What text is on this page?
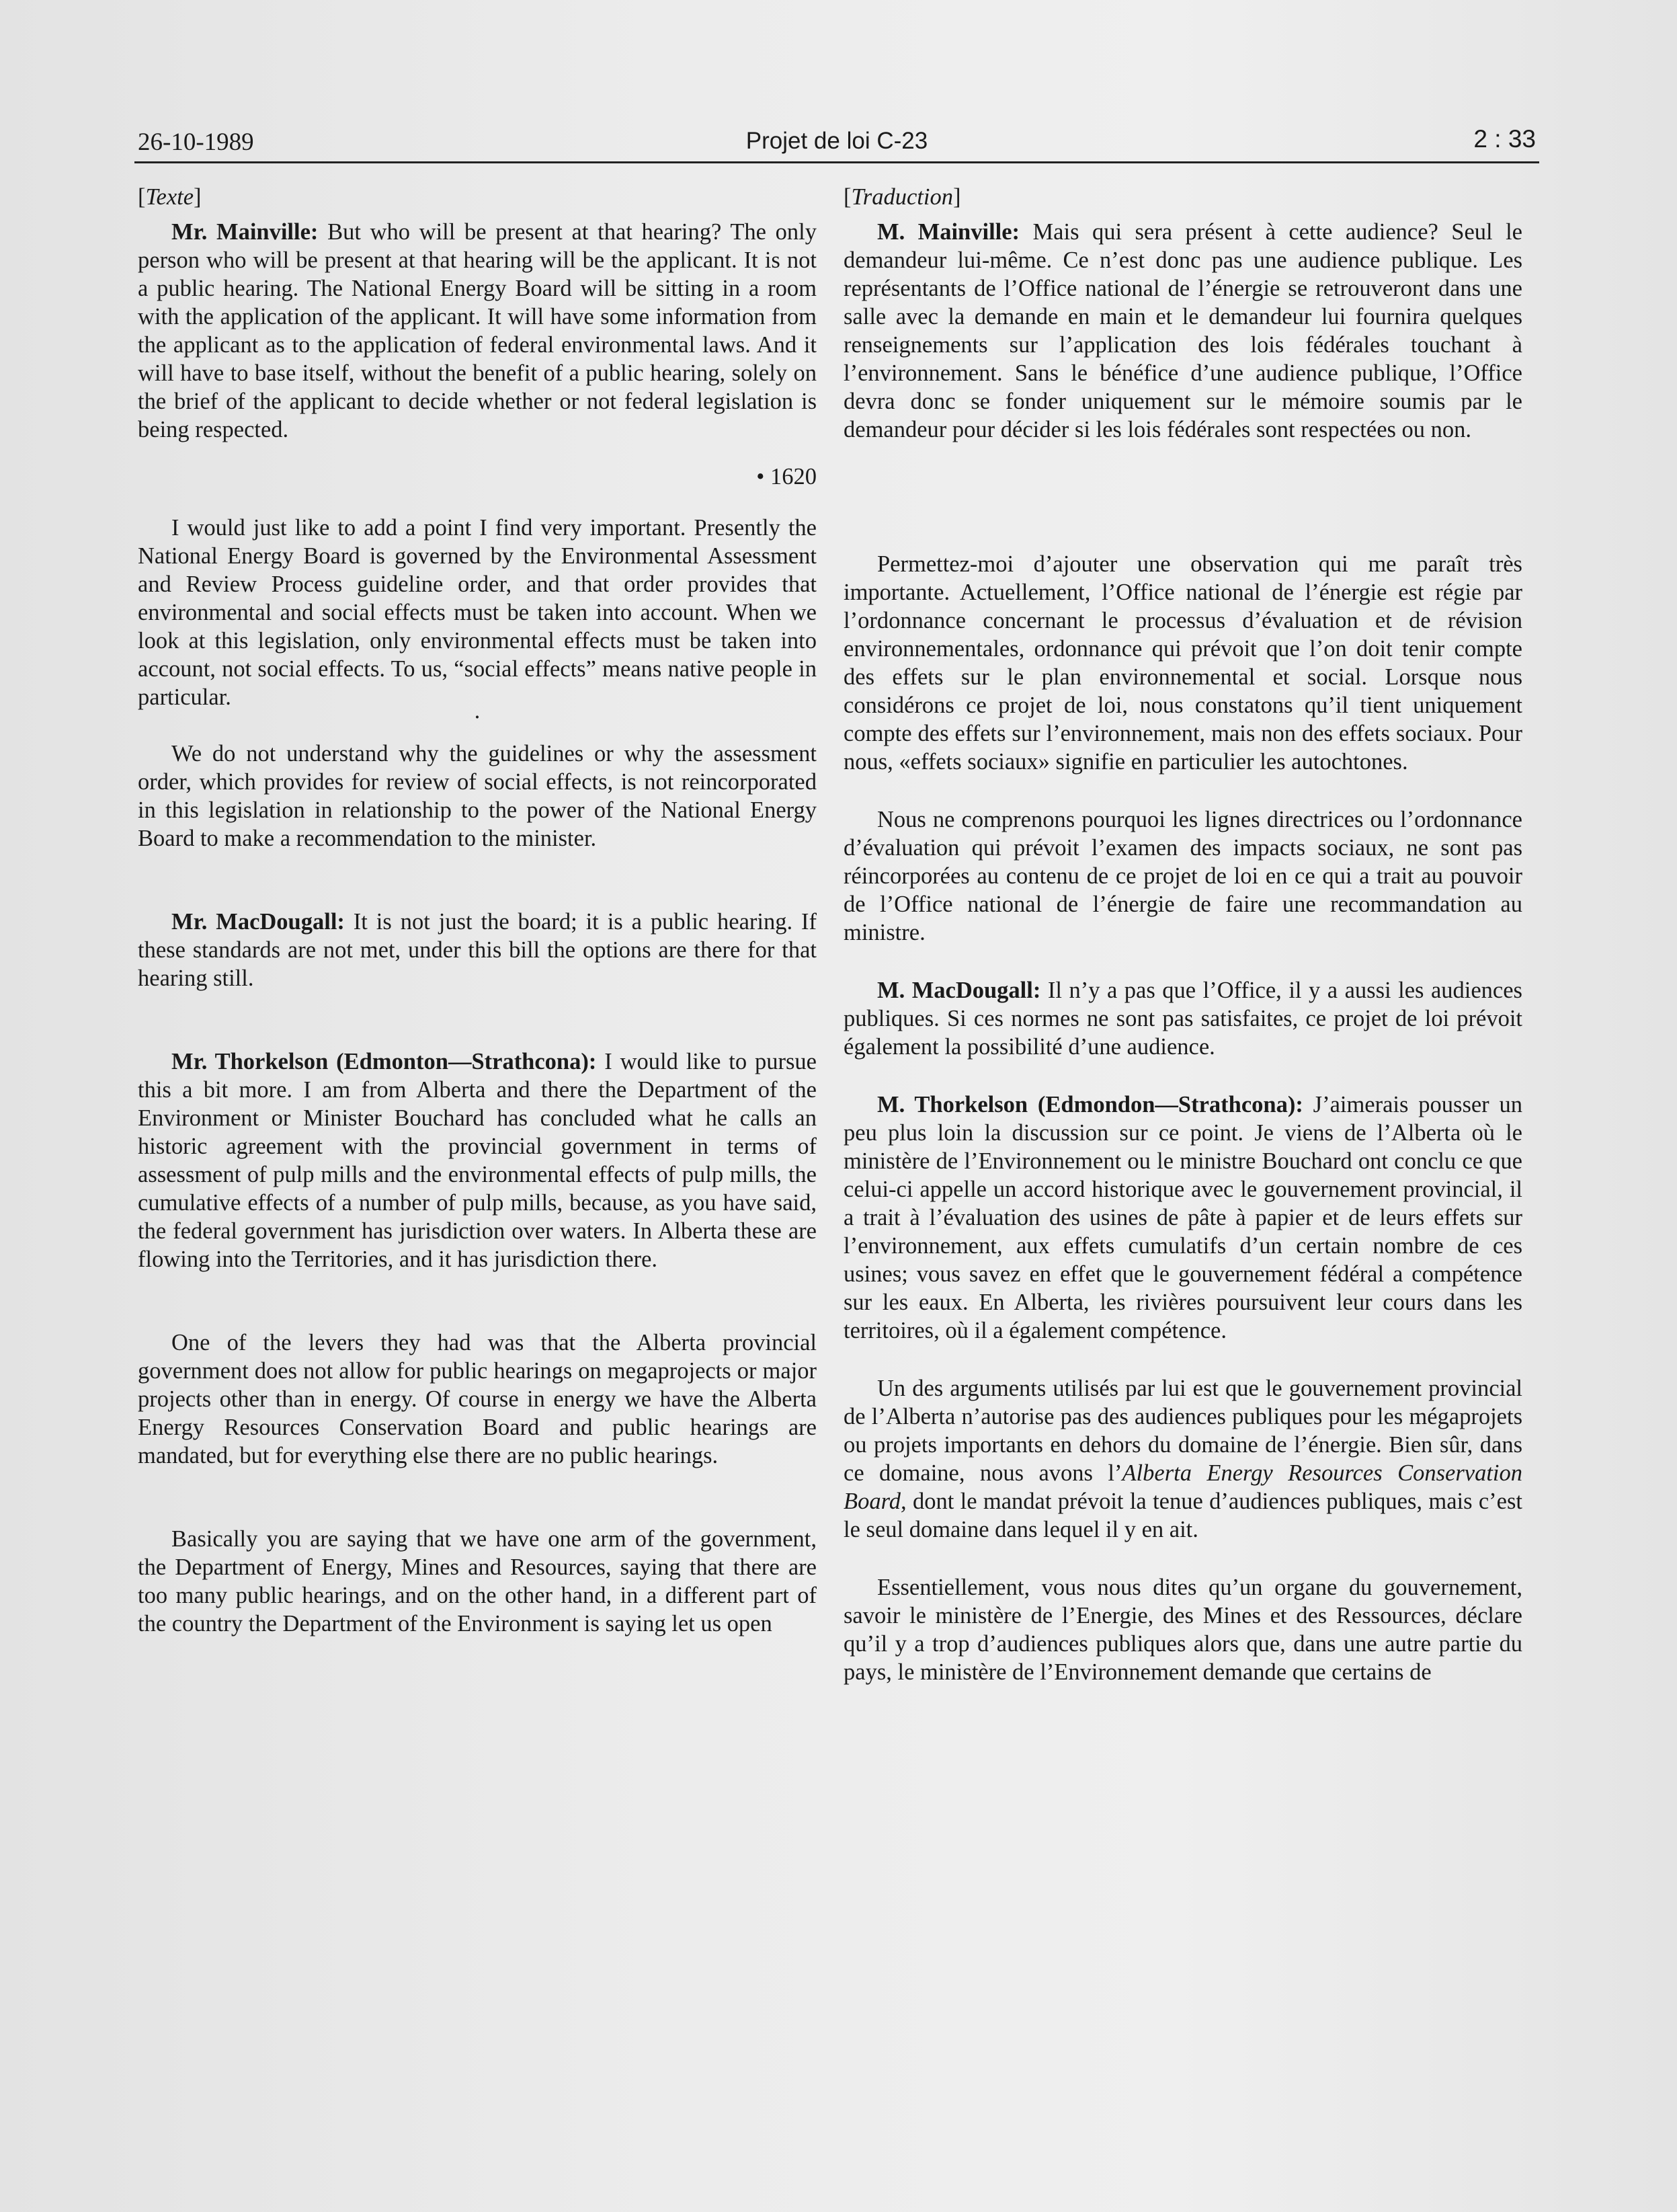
26-10-1989	Projet de loi C-23	2 : 33
[Texte]

Mr. Mainville: But who will be present at that hearing? The only person who will be present at that hearing will be the applicant. It is not a public hearing. The National Energy Board will be sitting in a room with the application of the applicant. It will have some information from the applicant as to the application of federal environmental laws. And it will have to base itself, without the benefit of a public hearing, solely on the brief of the applicant to decide whether or not federal legislation is being respected.

• 1620

I would just like to add a point I find very important. Presently the National Energy Board is governed by the Environmental Assessment and Review Process guideline order, and that order provides that environmental and social effects must be taken into account. When we look at this legislation, only environmental effects must be taken into account, not social effects. To us, “social effects” means native people in particular.

·

We do not understand why the guidelines or why the assessment order, which provides for review of social effects, is not reincorporated in this legislation in relationship to the power of the National Energy Board to make a recommendation to the minister.

Mr. MacDougall: It is not just the board; it is a public hearing. If these standards are not met, under this bill the options are there for that hearing still.

Mr. Thorkelson (Edmonton—Strathcona): I would like to pursue this a bit more. I am from Alberta and there the Department of the Environment or Minister Bouchard has concluded what he calls an historic agreement with the provincial government in terms of assessment of pulp mills and the environmental effects of pulp mills, the cumulative effects of a number of pulp mills, because, as you have said, the federal government has jurisdiction over waters. In Alberta these are flowing into the Territories, and it has jurisdiction there.

One of the levers they had was that the Alberta provincial government does not allow for public hearings on megaprojects or major projects other than in energy. Of course in energy we have the Alberta Energy Resources Conservation Board and public hearings are mandated, but for everything else there are no public hearings.

Basically you are saying that we have one arm of the government, the Department of Energy, Mines and Resources, saying that there are too many public hearings, and on the other hand, in a different part of the country the Department of the Environment is saying let us open

[Traduction]

M. Mainville: Mais qui sera présent à cette audience? Seul le demandeur lui-même. Ce n’est donc pas une audience publique. Les représentants de l’Office national de l’énergie se retrouveront dans une salle avec la demande en main et le demandeur lui fournira quelques renseignements sur l’application des lois fédérales touchant à l’environnement. Sans le bénéfice d’une audience publique, l’Office devra donc se fonder uniquement sur le mémoire soumis par le demandeur pour décider si les lois fédérales sont respectées ou non.

Permettez-moi d’ajouter une observation qui me paraît très importante. Actuellement, l’Office national de l’énergie est régie par l’ordonnance concernant le processus d’évaluation et de révision environnementales, ordonnance qui prévoit que l’on doit tenir compte des effets sur le plan environnemental et social. Lorsque nous considérons ce projet de loi, nous constatons qu’il tient uniquement compte des effets sur l’environnement, mais non des effets sociaux. Pour nous, «effets sociaux» signifie en particulier les autochtones.

Nous ne comprenons pourquoi les lignes directrices ou l’ordonnance d’évaluation qui prévoit l’examen des impacts sociaux, ne sont pas réincorporées au contenu de ce projet de loi en ce qui a trait au pouvoir de l’Office national de l’énergie de faire une recommandation au ministre.

M. MacDougall: Il n’y a pas que l’Office, il y a aussi les audiences publiques. Si ces normes ne sont pas satisfaites, ce projet de loi prévoit également la possibilité d’une audience.

M. Thorkelson (Edmondon—Strathcona): J’aimerais pousser un peu plus loin la discussion sur ce point. Je viens de l’Alberta où le ministère de l’Environnement ou le ministre Bouchard ont conclu ce que celui-ci appelle un accord historique avec le gouvernement provincial, il a trait à l’évaluation des usines de pâte à papier et de leurs effets sur l’environnement, aux effets cumulatifs d’un certain nombre de ces usines; vous savez en effet que le gouvernement fédéral a compétence sur les eaux. En Alberta, les rivières poursuivent leur cours dans les territoires, où il a également compétence.

Un des arguments utilisés par lui est que le gouvernement provincial de l’Alberta n’autorise pas des audiences publiques pour les mégaprojets ou projets importants en dehors du domaine de l’énergie. Bien sûr, dans ce domaine, nous avons l’Alberta Energy Resources Conservation Board, dont le mandat prévoit la tenue d’audiences publiques, mais c’est le seul domaine dans lequel il y en ait.

Essentiellement, vous nous dites qu’un organe du gouvernement, savoir le ministère de l’Energie, des Mines et des Ressources, déclare qu’il y a trop d’audiences publiques alors que, dans une autre partie du pays, le ministère de l’Environnement demande que certains de
